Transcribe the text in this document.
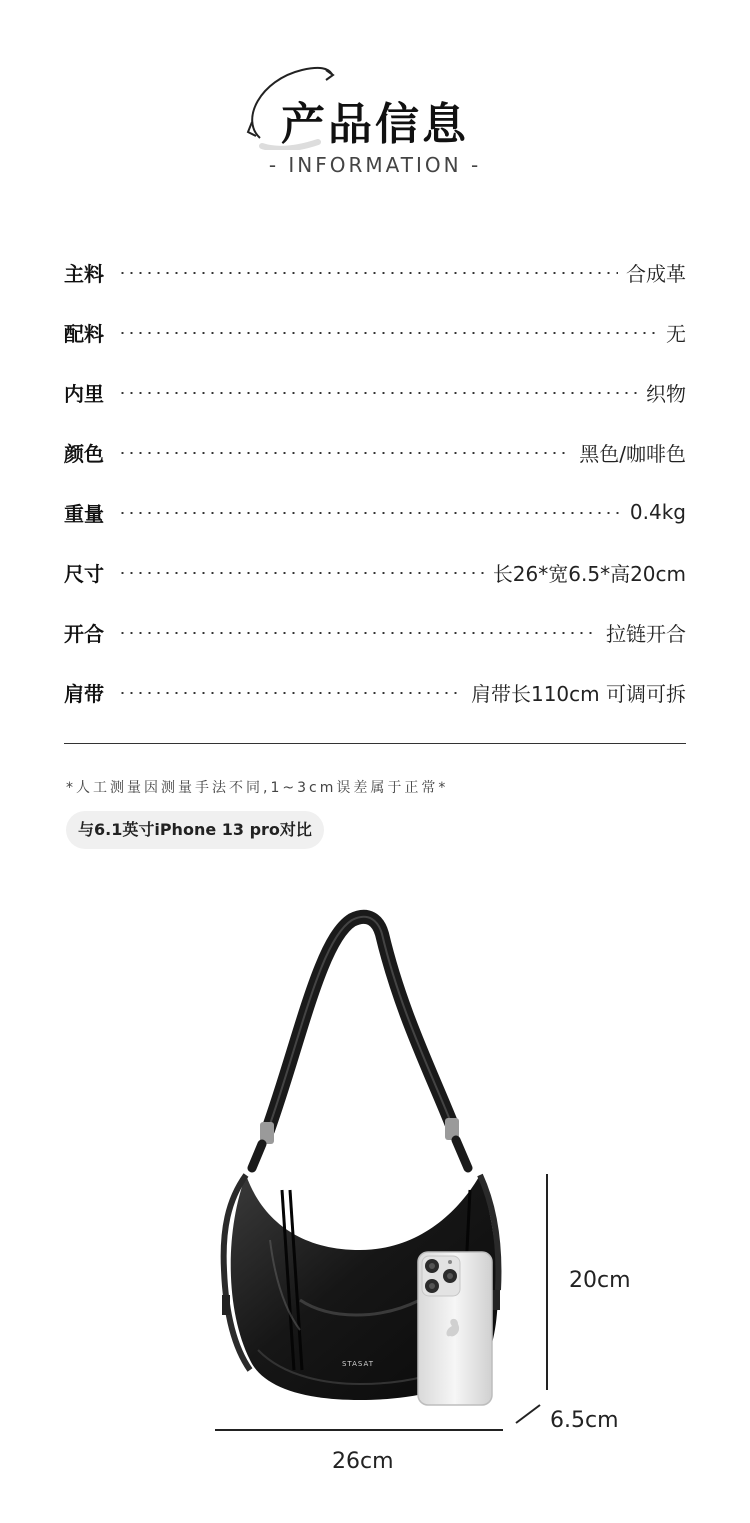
产品信息
- INFORMATION -
主料	合成革
配料	无
内里	织物
颜色	黑色/咖啡色
重量	0.4kg
尺寸	长26*宽6.5*高20cm
开合	拉链开合
肩带	肩带长110cm 可调可拆
*人工测量因测量手法不同,1~3cm误差属于正常*
与6.1英寸iPhone 13 pro对比
STASAT
20cm
6.5cm
26cm
